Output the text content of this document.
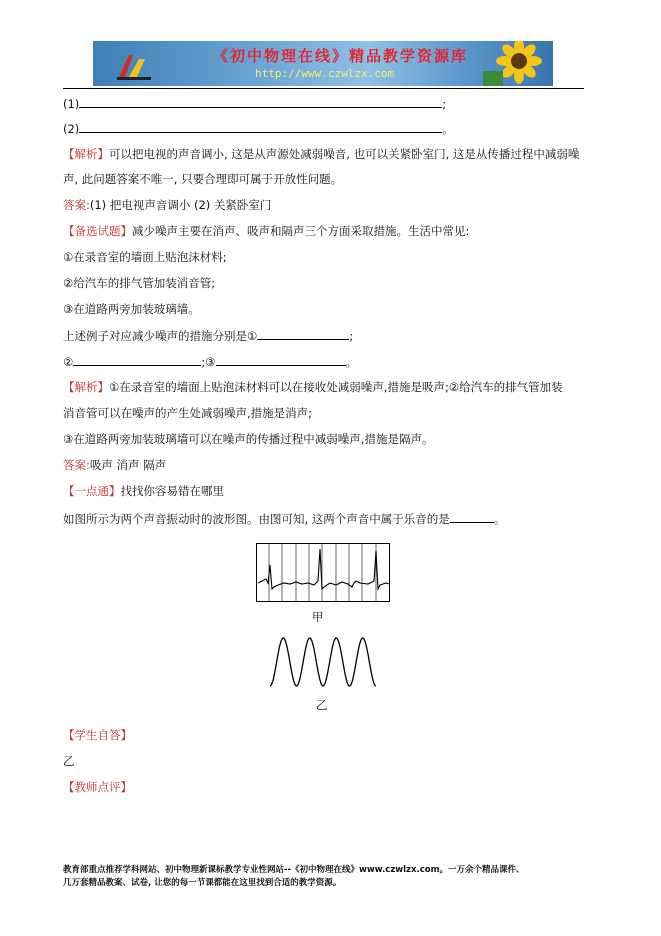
《初中物理在线》精品教学资源库
http://www.czwlzx.com
(1)	;
(2)	。
【解析】可以把电视的声音调小, 这是从声源处减弱噪音, 也可以关紧卧室门, 这是从传播过程中减弱噪
声, 此问题答案不唯一, 只要合理即可属于开放性问题。
答案:(1) 把电视声音调小 (2) 关紧卧室门
【备选试题】减少噪声主要在消声、吸声和隔声三个方面采取措施。生活中常见:
①在录音室的墙面上贴泡沫材料;
②给汽车的排气管加装消音管;
③在道路两旁加装玻璃墙。
上述例子对应减少噪声的措施分别是①	;
②	;③	。
【解析】①在录音室的墙面上贴泡沫材料可以在接收处减弱噪声,措施是吸声;②给汽车的排气管加装
消音管可以在噪声的产生处减弱噪声,措施是消声;
③在道路两旁加装玻璃墙可以在噪声的传播过程中减弱噪声,措施是隔声。
答案:吸声 消声 隔声
【一点通】找找你容易错在哪里
如图所示为两个声音振动时的波形图。由图可知, 这两个声音中属于乐音的是	。
甲
乙
【学生自答】
乙
【教师点评】
教育部重点推荐学科网站、初中物理新课标教学专业性网站--《初中物理在线》www.czwlzx.com。一万余个精品课件、
几万套精品教案、试卷, 让您的每一节课都能在这里找到合适的教学资源。
